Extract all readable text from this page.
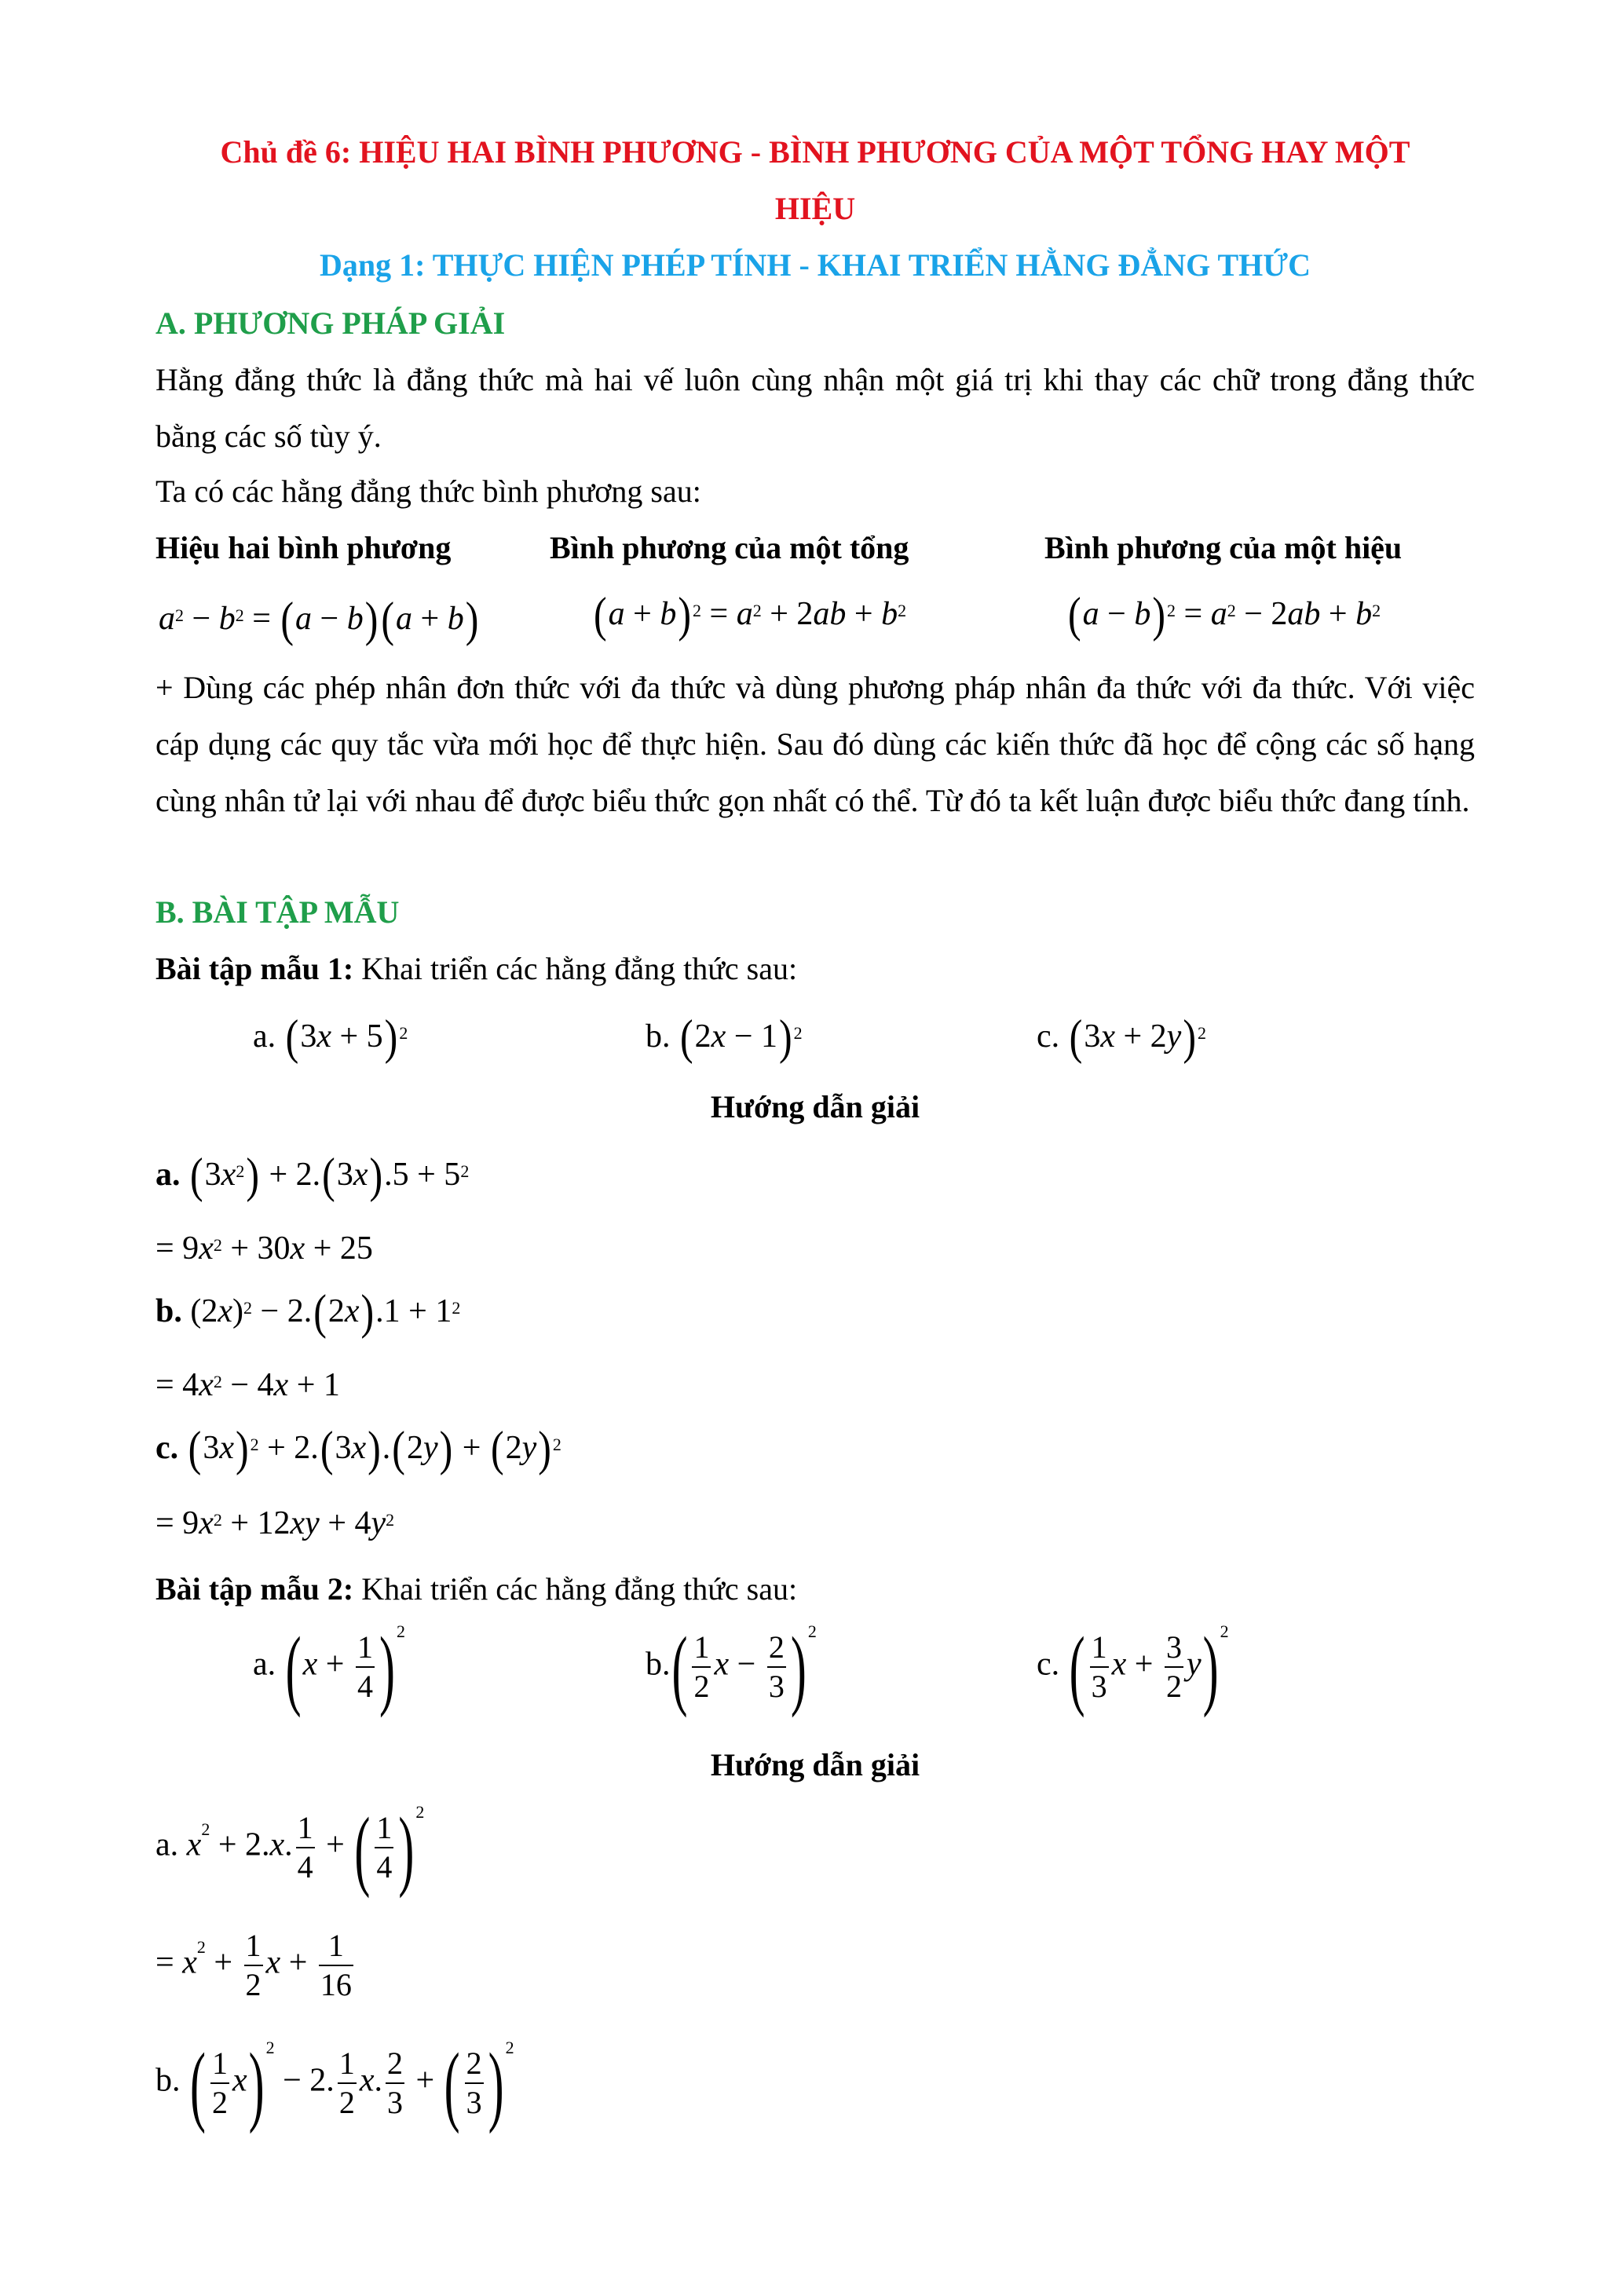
Chủ đề 6: HIỆU HAI BÌNH PHƯƠNG - BÌNH PHƯƠNG CỦA MỘT TỔNG HAY MỘT
HIỆU
Dạng 1: THỰC HIỆN PHÉP TÍNH - KHAI TRIỂN HẰNG ĐẲNG THỨC
A. PHƯƠNG PHÁP GIẢI
Hằng đẳng thức là đẳng thức mà hai vế luôn cùng nhận một giá trị khi thay các chữ trong đẳng thức bằng các số tùy ý.
Ta có các hằng đẳng thức bình phương sau:
Hiệu hai bình phương	Bình phương của một tổng	Bình phương của một hiệu
$a^2 - b^2 = (a - b)(a + b)$	$(a + b)^2 = a^2 + 2ab + b^2$	$(a - b)^2 = a^2 - 2ab + b^2$
+ Dùng các phép nhân đơn thức với đa thức và dùng phương pháp nhân đa thức với đa thức. Với việc cáp dụng các quy tắc vừa mới học để thực hiện. Sau đó dùng các kiến thức đã học để cộng các số hạng cùng nhân tử lại với nhau để được biểu thức gọn nhất có thể. Từ đó ta kết luận được biểu thức đang tính.
B. BÀI TẬP MẪU
Bài tập mẫu 1: Khai triển các hằng đẳng thức sau:
a. $(3x + 5)^2$	b. $(2x - 1)^2$	c. $(3x + 2y)^2$
Hướng dẫn giải
a. $(3x^2) + 2.(3x).5 + 5^2$
= $9x^2 + 30x + 25$
b. $(2x)^2 - 2.(2x).1 + 1^2$
= $4x^2 - 4x + 1$
c. $(3x)^2 + 2.(3x).(2y) + (2y)^2$
= $9x^2 + 12xy + 4y^2$
Bài tập mẫu 2: Khai triển các hằng đẳng thức sau:
a. $(x + \frac{1}{4} )2$
$b.( \frac{1}{2}$ $x - \frac{2}{3} )2$
c. ( $\frac{1}{3}$ $x + \frac{3}{2} y)2$
Hướng dẫn giải
a. $x^2 + 2.x$. $\frac{1}{4}$ + ( $\frac{1}{4} )2$
= $x^2 + \frac{1}{2}$ $x + \frac{1}{16}$
b. ( $\frac{1}{2} x)2 - 2$. $\frac{1}{2} x$. $\frac{2}{3}$ + ( $\frac{2}{3} )2$
